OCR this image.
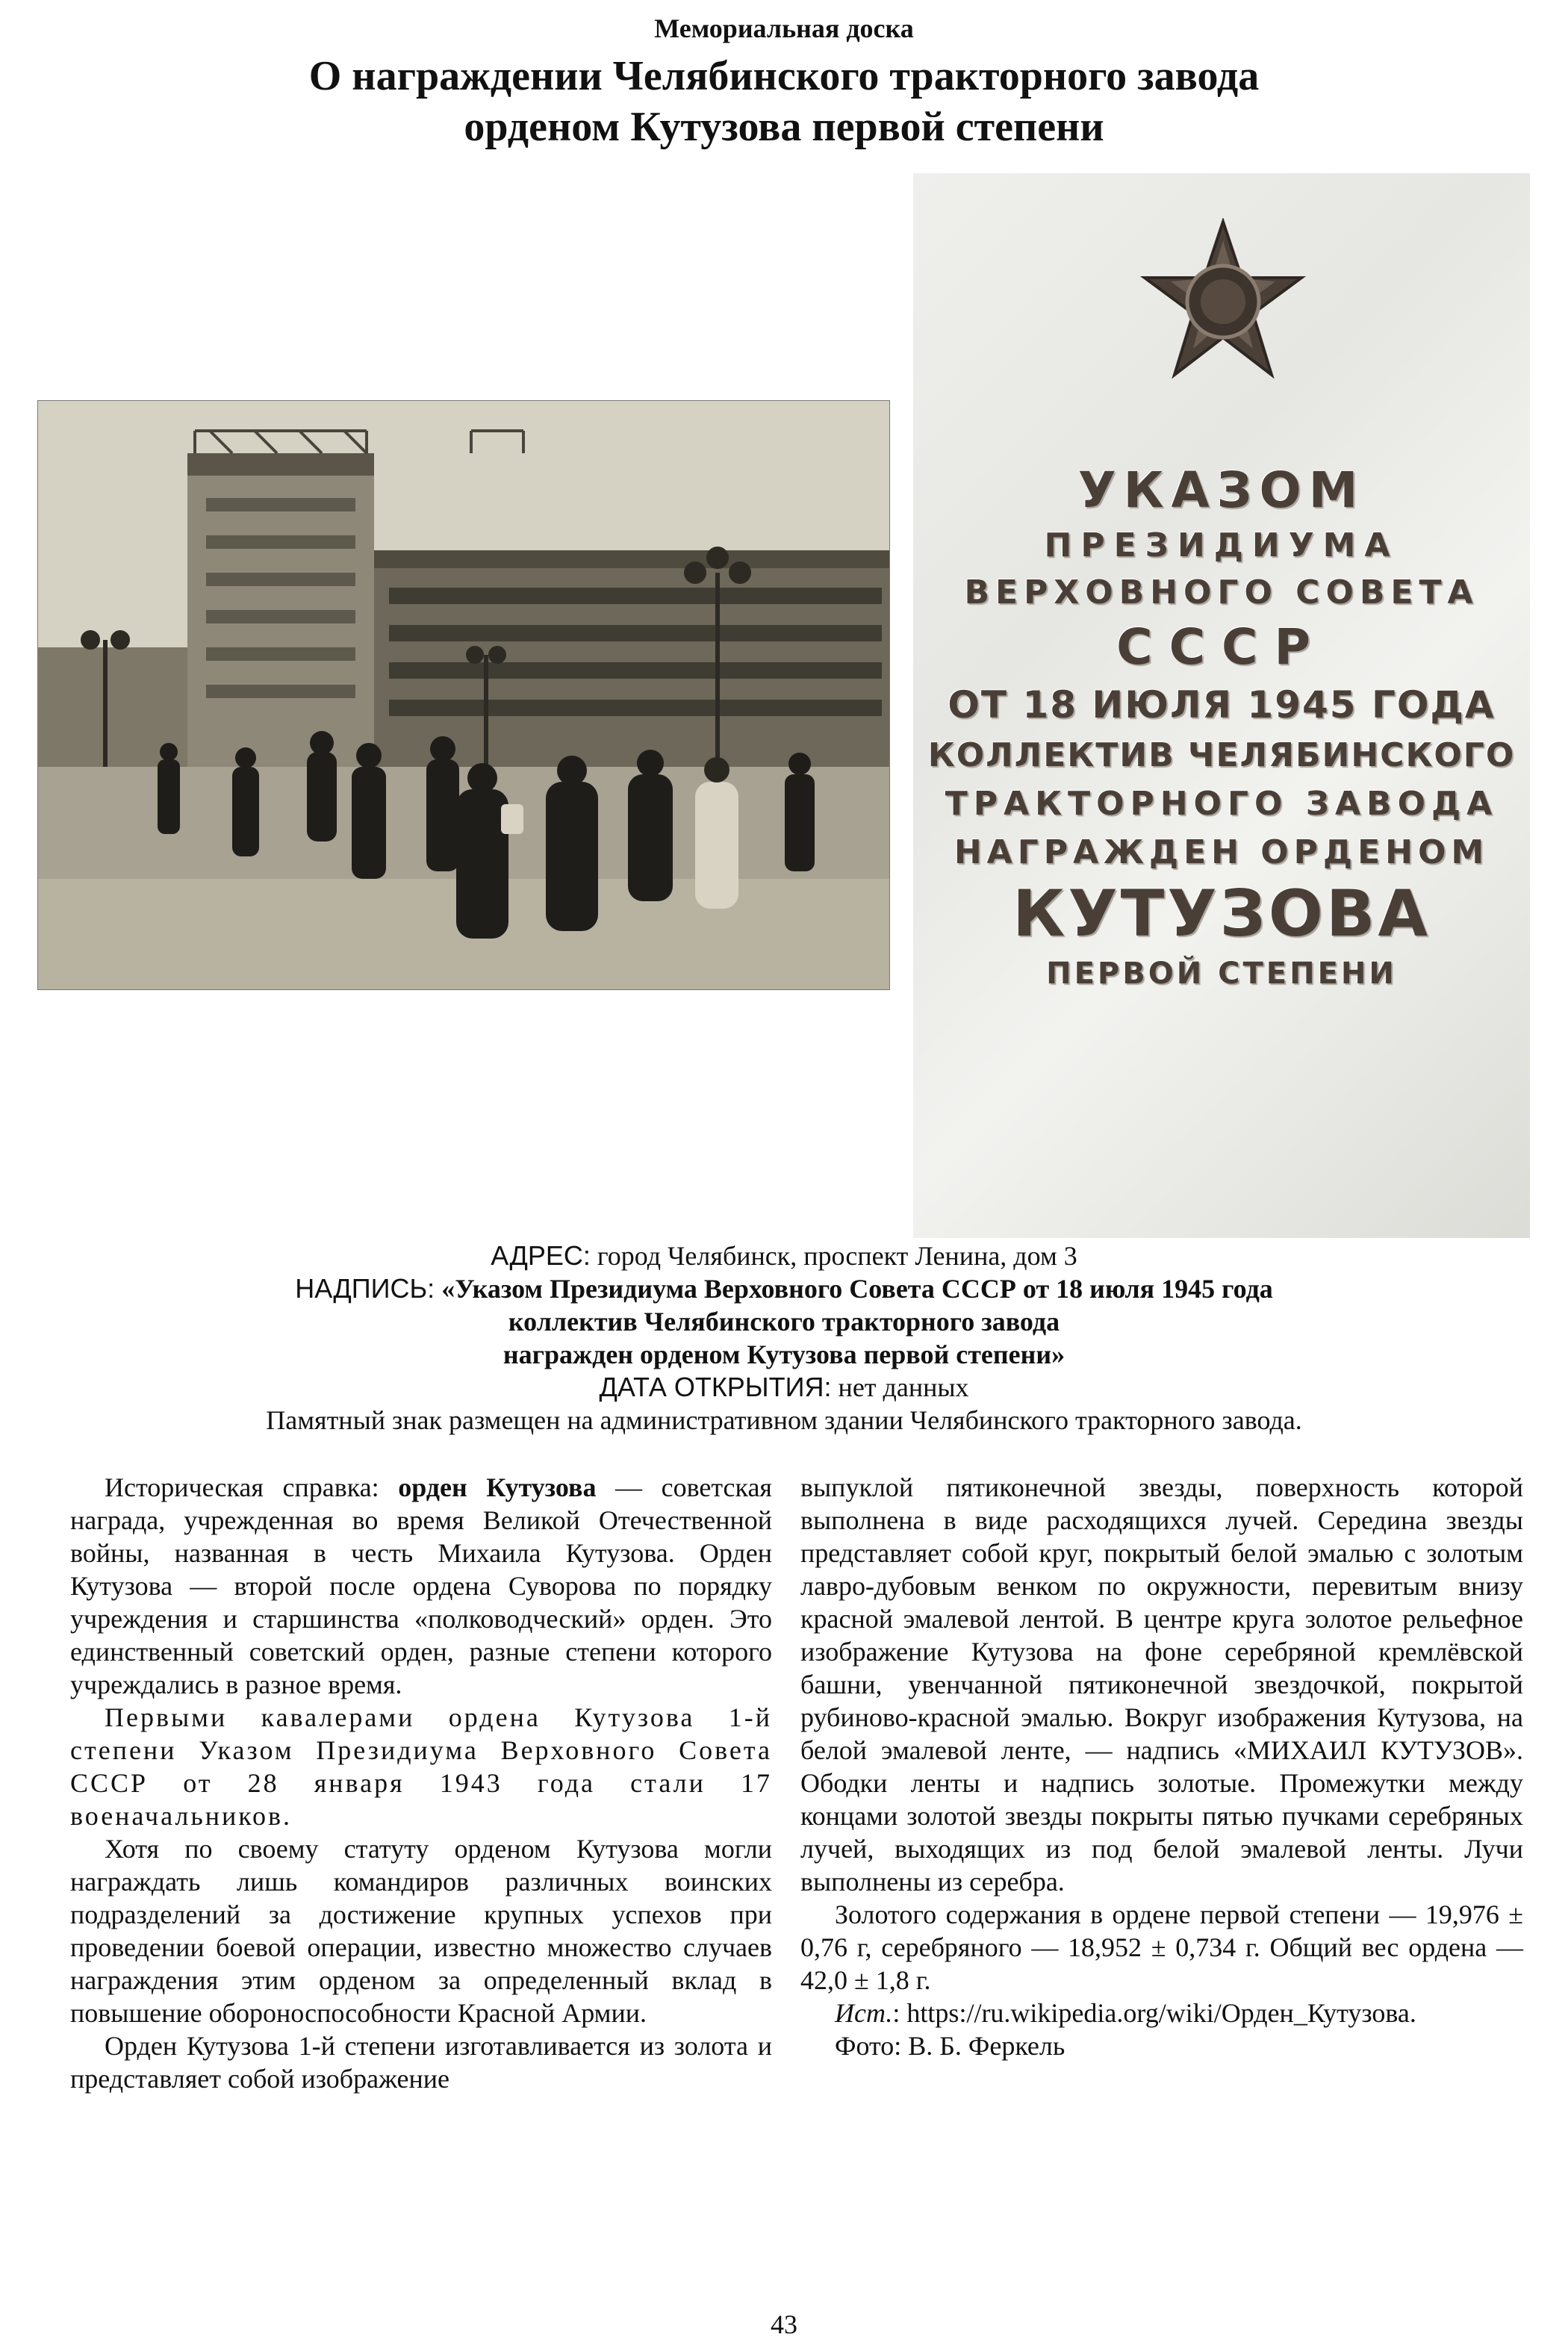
Мемориальная доска

О награждении Челябинского тракторного завода
орденом Кутузова первой степени

УКАЗОМ

ПРЕЗИДИУМА

ВЕРХОВНОГО СОВЕТА

СССР

ОТ 18 ИЮЛЯ 1945 ГОДА

КОЛЛЕКТИВ ЧЕЛЯБИНСКОГО

ТРАКТОРНОГО ЗАВОДА

НАГРАЖДЕН ОРДЕНОМ

КУТУЗОВА

ПЕРВОЙ СТЕПЕНИ

АДРЕС: город Челябинск, проспект Ленина, дом 3

НАДПИСЬ: «Указом Президиума Верховного Совета СССР от 18 июля 1945 года

коллектив Челябинского тракторного завода

награжден орденом Кутузова первой степени»

ДАТА ОТКРЫТИЯ: нет данных

Памятный знак размещен на административном здании Челябинского тракторного завода.

Историческая справка: орден Кутузова — советская награда, учрежденная во время Великой Отечественной войны, названная в честь Михаила Кутузова. Орден Кутузова — второй после ордена Суворова по порядку учреждения и старшинства «полководческий» орден. Это единственный советский орден, разные степени которого учреждались в разное время.

Первыми кавалерами ордена Кутузова 1-й степени Указом Президиума Верховного Совета СССР от 28 января 1943 года стали 17 военачальников.

Хотя по своему статуту орденом Кутузова могли награждать лишь командиров различных воинских подразделений за достижение крупных успехов при проведении боевой операции, известно множество случаев награждения этим орденом за определенный вклад в повышение обороноспособности Красной Армии.

Орден Кутузова 1-й степени изготавливается из золота и представляет собой изображение

выпуклой пятиконечной звезды, поверхность которой выполнена в виде расходящихся лучей. Середина звезды представляет собой круг, покрытый белой эмалью с золотым лавро-дубовым венком по окружности, перевитым внизу красной эмалевой лентой. В центре круга золотое рельефное изображение Кутузова на фоне серебряной кремлёвской башни, увенчанной пятиконечной звездочкой, покрытой рубиново-красной эмалью. Вокруг изображения Кутузова, на белой эмалевой ленте, — надпись «МИХАИЛ КУТУЗОВ». Ободки ленты и надпись золотые. Промежутки между концами золотой звезды покрыты пятью пучками серебряных лучей, выходящих из под белой эмалевой ленты. Лучи выполнены из серебра.

Золотого содержания в ордене первой степени — 19,976 ± 0,76 г, серебряного — 18,952 ± 0,734 г. Общий вес ордена — 42,0 ± 1,8 г.

Ист.: https://ru.wikipedia.org/wiki/Орден_Кутузова.

Фото: В. Б. Феркель

43
